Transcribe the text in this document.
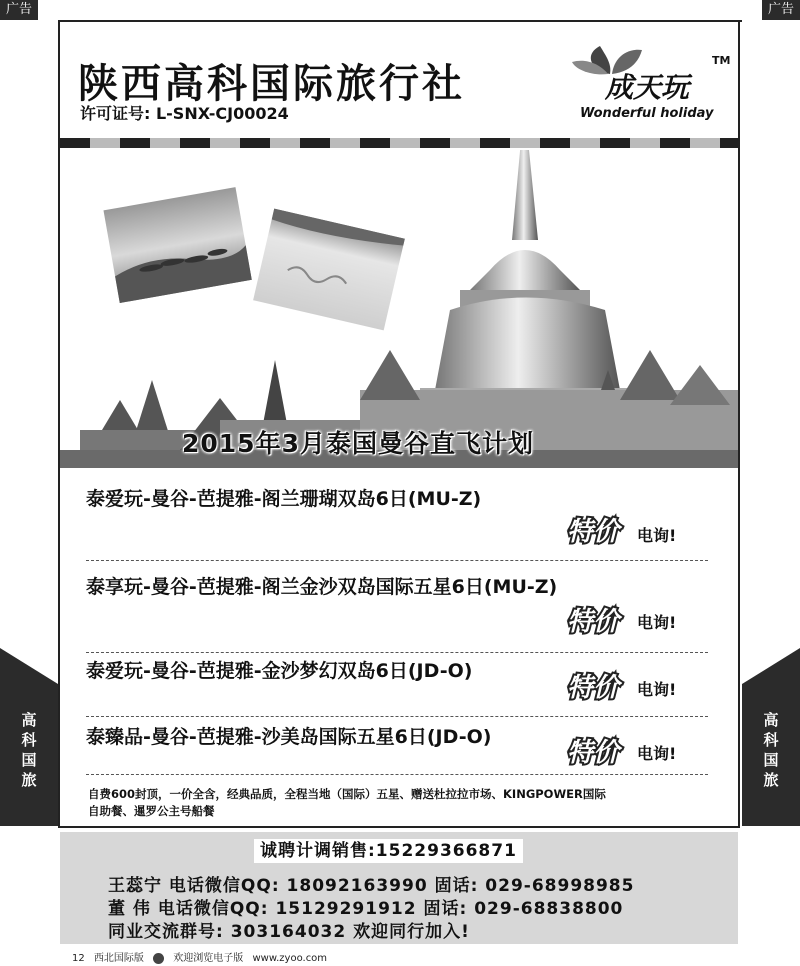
广告	广告
陕西高科国际旅行社
许可证号: L-SNX-CJ00024
成天玩
TM
Wonderful holiday
2015年3月泰国曼谷直飞计划
泰爱玩-曼谷-芭提雅-阁兰珊瑚双岛6日(MU-Z)
泰享玩-曼谷-芭提雅-阁兰金沙双岛国际五星6日(MU-Z)
泰爱玩-曼谷-芭提雅-金沙梦幻双岛6日(JD-O)
泰臻品-曼谷-芭提雅-沙美岛国际五星6日(JD-O)
特价
特价
特价
特价
电询!
电询!
电询!
电询!
自费600封顶，一价全含，经典品质，全程当地（国际）五星、赠送杜拉拉市场、KINGPOWER国际
自助餐、暹罗公主号船餐
高
科
国
旅
高
科
国
旅
诚聘计调销售:15229366871
王蕊宁 电话微信QQ: 18092163990 固话: 029-68998985
董 伟 电话微信QQ: 15129291912 固话: 029-68838800
同业交流群号: 303164032 欢迎同行加入!
12 西北国际版	欢迎浏览电子版 www.zyoo.com
